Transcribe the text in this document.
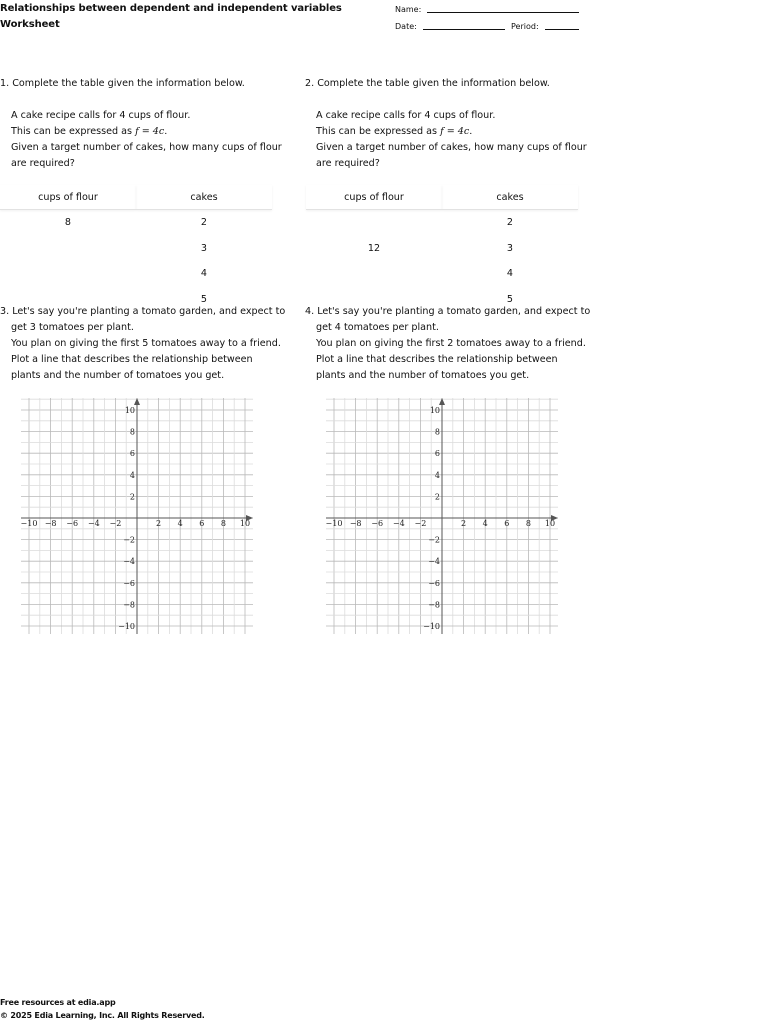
Relationships between dependent and independent variables
Worksheet
Name:
Date:	Period:
1. Complete the table given the information below.
A cake recipe calls for 4 cups of flour.
This can be expressed as f = 4c.
Given a target number of cakes, how many cups of flour
are required?
cups of flour	cakes
8	2
	3
	4
	5
2. Complete the table given the information below.
A cake recipe calls for 4 cups of flour.
This can be expressed as f = 4c.
Given a target number of cakes, how many cups of flour
are required?
cups of flour	cakes
	2
12	3
	4
	5
3. Let's say you're planting a tomato garden, and expect to
get 3 tomatoes per plant.
You plan on giving the first 5 tomatoes away to a friend.
Plot a line that describes the relationship between
plants and the number of tomatoes you get.
−10 −8 −6 −4 −2	2 4 6 8 10
10
8
6
4
2
−2
−4
−6
−8
−10
4. Let's say you're planting a tomato garden, and expect to
get 4 tomatoes per plant.
You plan on giving the first 2 tomatoes away to a friend.
Plot a line that describes the relationship between
plants and the number of tomatoes you get.
−10 −8 −6 −4 −2	2 4 6 8 10
10
8
6
4
2
−2
−4
−6
−8
−10
Free resources at edia.app
© 2025 Edia Learning, Inc. All Rights Reserved.
